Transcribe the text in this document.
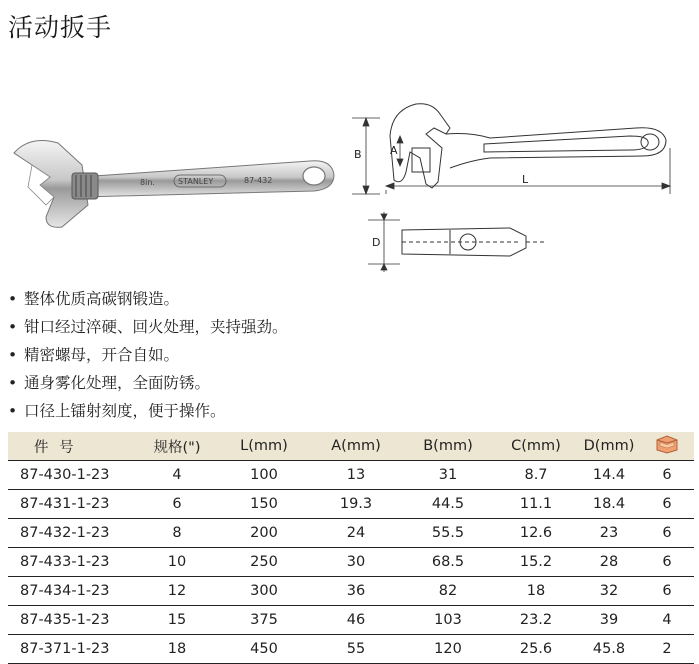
活动扳手
8in.	STANLEY	87-432
B	A
L
D
• 整体优质高碳钢锻造。
• 钳口经过淬硬、回火处理，夹持强劲。
• 精密螺母，开合自如。
• 通身雾化处理，全面防锈。
• 口径上镭射刻度，便于操作。
件 号	规格(")	L(mm)	A(mm)	B(mm)	C(mm)	D(mm)	
87-430-1-23	4	100	13	31	8.7	14.4	6
87-431-1-23	6	150	19.3	44.5	11.1	18.4	6
87-432-1-23	8	200	24	55.5	12.6	23	6
87-433-1-23	10	250	30	68.5	15.2	28	6
87-434-1-23	12	300	36	82	18	32	6
87-435-1-23	15	375	46	103	23.2	39	4
87-371-1-23	18	450	55	120	25.6	45.8	2
